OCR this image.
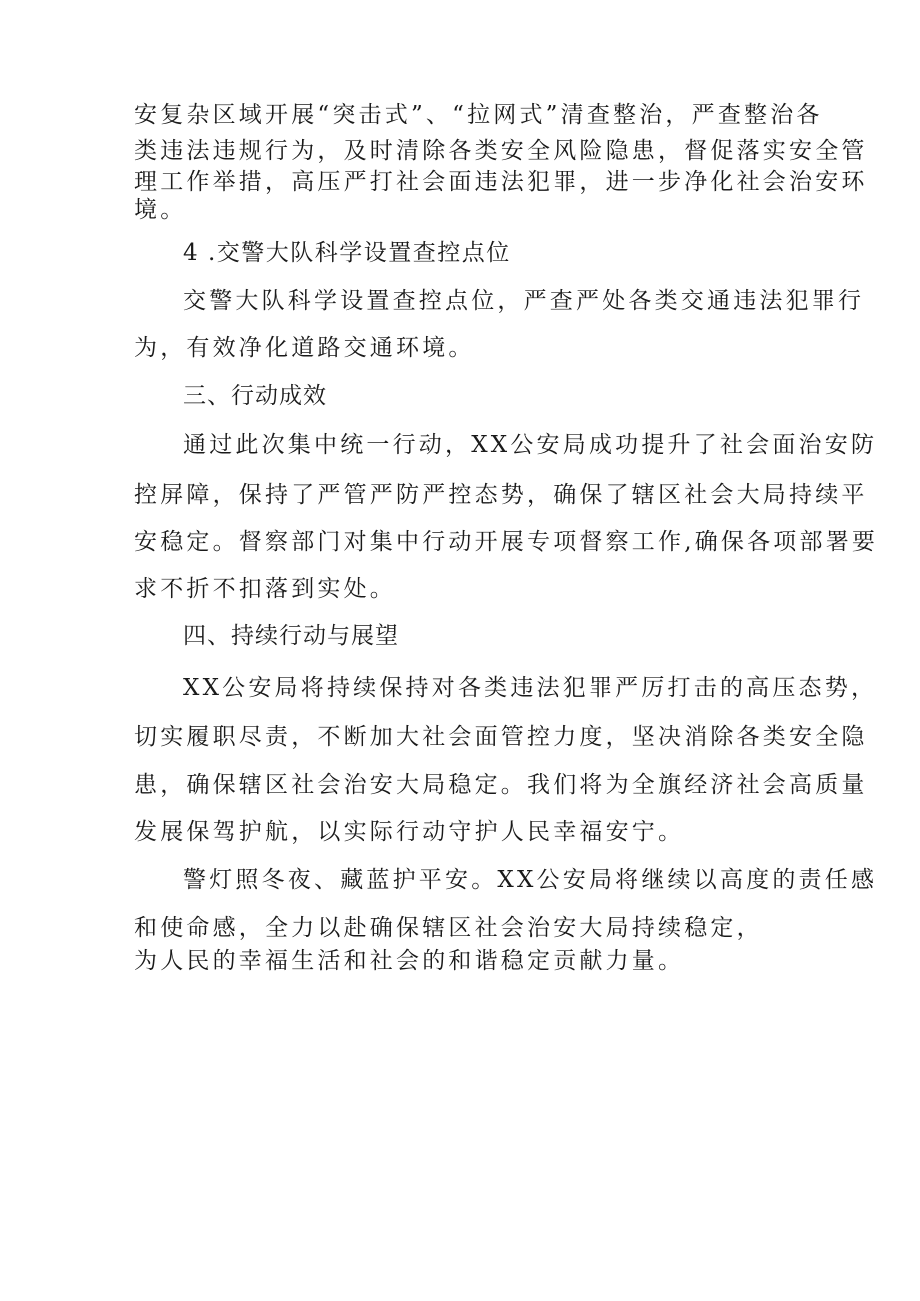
安复杂区域开展“突击式”、“拉网式”清查整治，严查整治各
类违法违规行为，及时清除各类安全风险隐患，督促落实安全管
理工作举措，高压严打社会面违法犯罪，进一步净化社会治安环
境。
4 .交警大队科学设置查控点位
交警大队科学设置查控点位，严查严处各类交通违法犯罪行
为，有效净化道路交通环境。
三、行动成效
通过此次集中统一行动，XX公安局成功提升了社会面治安防
控屏障，保持了严管严防严控态势，确保了辖区社会大局持续平
安稳定。督察部门对集中行动开展专项督察工作,确保各项部署要
求不折不扣落到实处。
四、持续行动与展望
XX公安局将持续保持对各类违法犯罪严厉打击的高压态势，
切实履职尽责，不断加大社会面管控力度，坚决消除各类安全隐
患，确保辖区社会治安大局稳定。我们将为全旗经济社会高质量
发展保驾护航，以实际行动守护人民幸福安宁。
警灯照冬夜、藏蓝护平安。XX公安局将继续以高度的责任感
和使命感，全力以赴确保辖区社会治安大局持续稳定，
为人民的幸福生活和社会的和谐稳定贡献力量。
